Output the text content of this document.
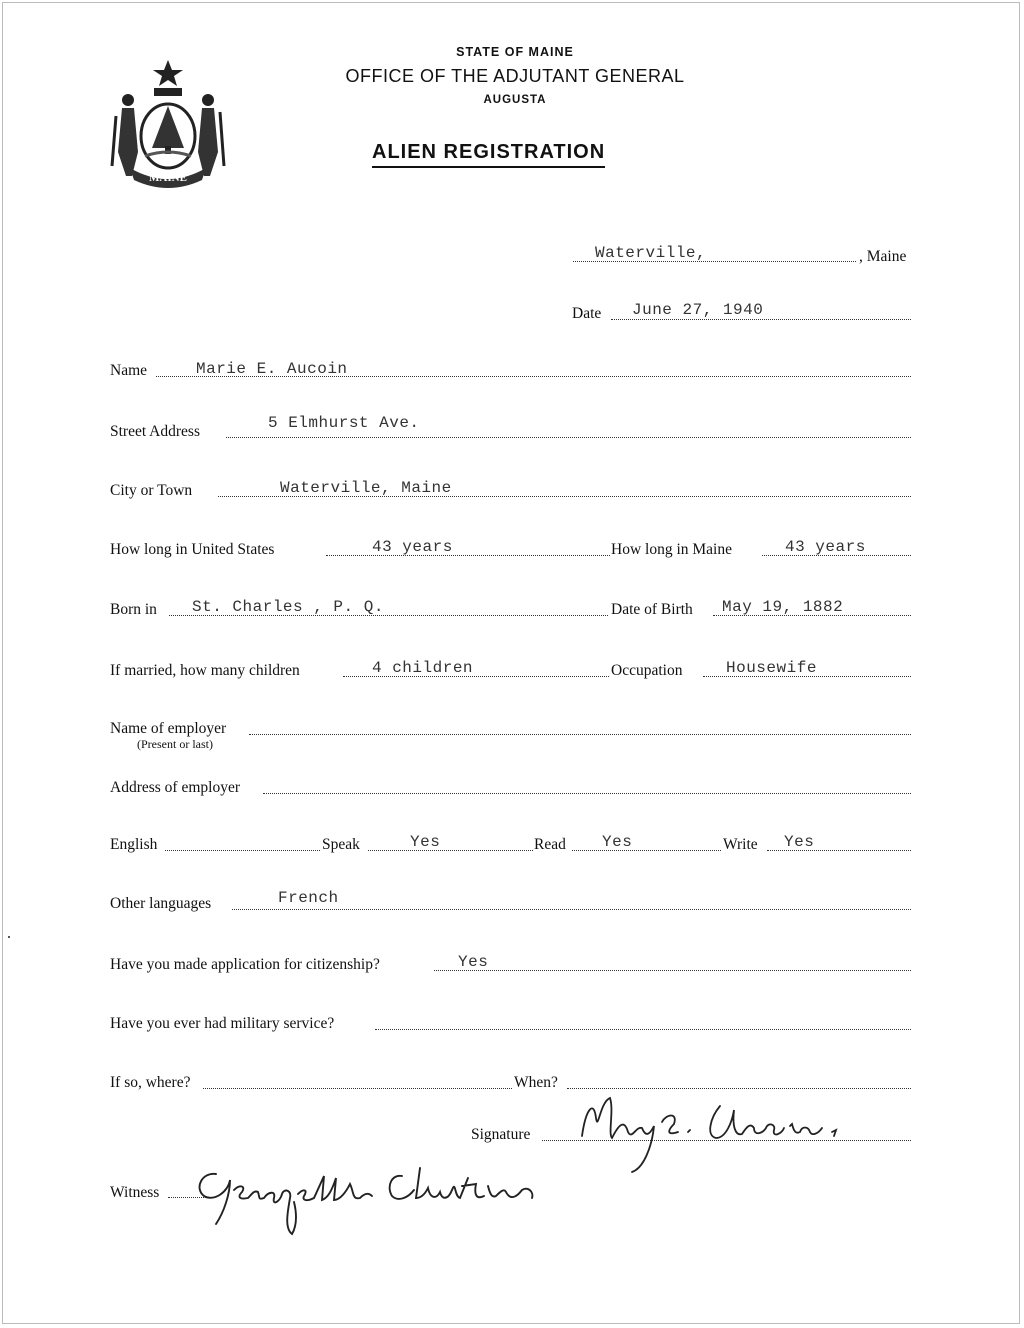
MAINE
STATE OF MAINE
OFFICE OF THE ADJUTANT GENERAL
AUGUSTA
ALIEN REGISTRATION
Waterville,	, Maine
Date June 27, 1940
Name	Marie E. Aucoin
Street Address	5 Elmhurst Ave.
City or Town	Waterville, Maine
How long in United States	43 years	How long in Maine	43 years
Born in St. Charles , P. Q.	Date of Birth May 19, 1882
If married, how many children	4 children	Occupation	Housewife
Name of employer
(Present or last)
Address of employer
English	Speak	Yes	Read Yes	Write Yes
Other languages	French
Have you made application for citizenship?	Yes
Have you ever had military service?
If so, where?	When?
Signature
Witness
